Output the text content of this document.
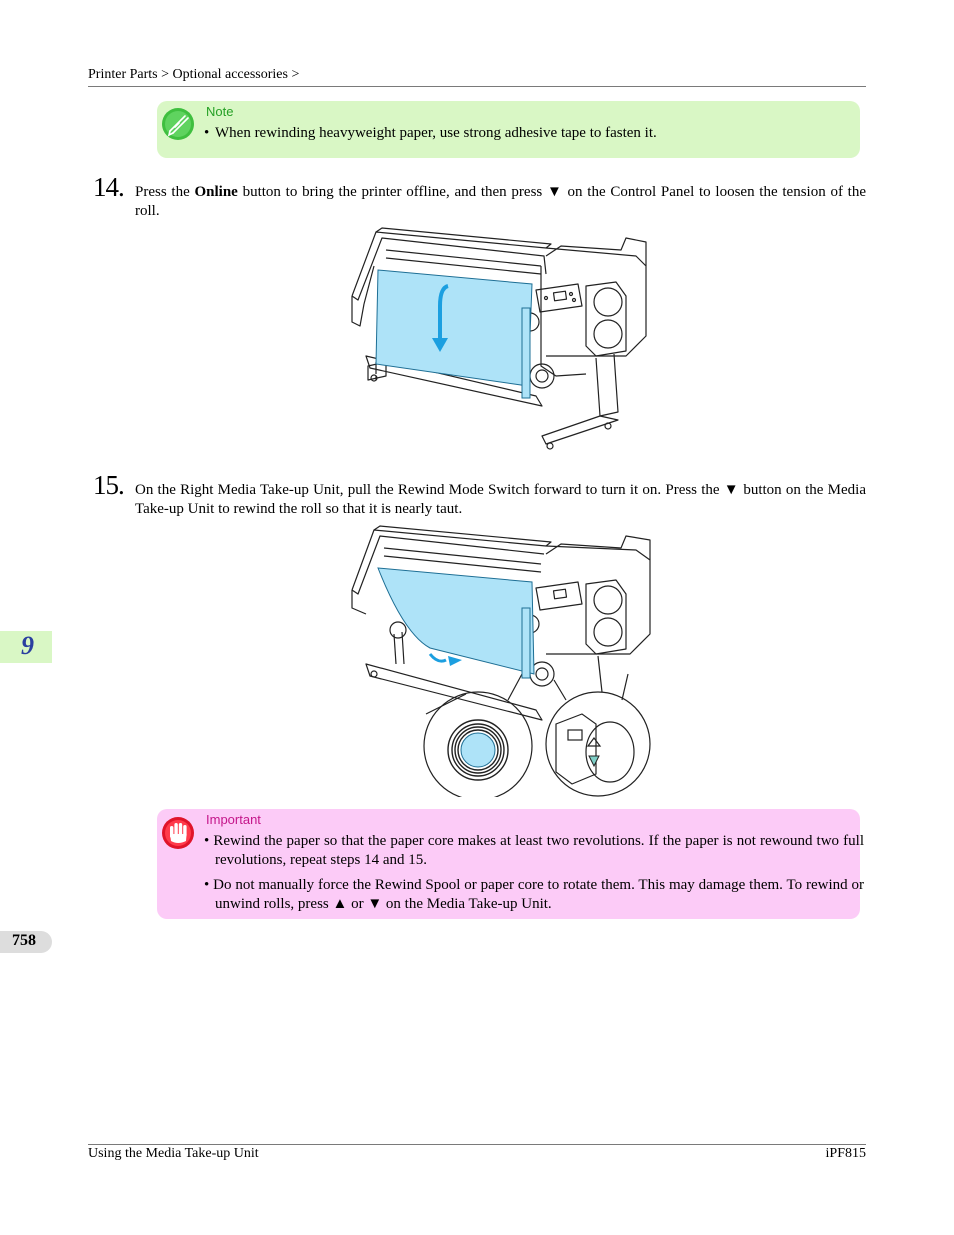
Printer Parts > Optional accessories >
Note
• When rewinding heavyweight paper, use strong adhesive tape to fasten it.
14. Press the Online button to bring the printer offline, and then press ▼ on the Control Panel to loosen the tension of the roll.
15. On the Right Media Take-up Unit, pull the Rewind Mode Switch forward to turn it on. Press the ▼ button on the Media Take-up Unit to rewind the roll so that it is nearly taut.
9
Important
• Rewind the paper so that the paper core makes at least two revolutions. If the paper is not rewound two full revolutions, repeat steps 14 and 15.
• Do not manually force the Rewind Spool or paper core to rotate them. This may damage them. To rewind or unwind rolls, press ▲ or ▼ on the Media Take-up Unit.
758
Using the Media Take-up Unit	iPF815
